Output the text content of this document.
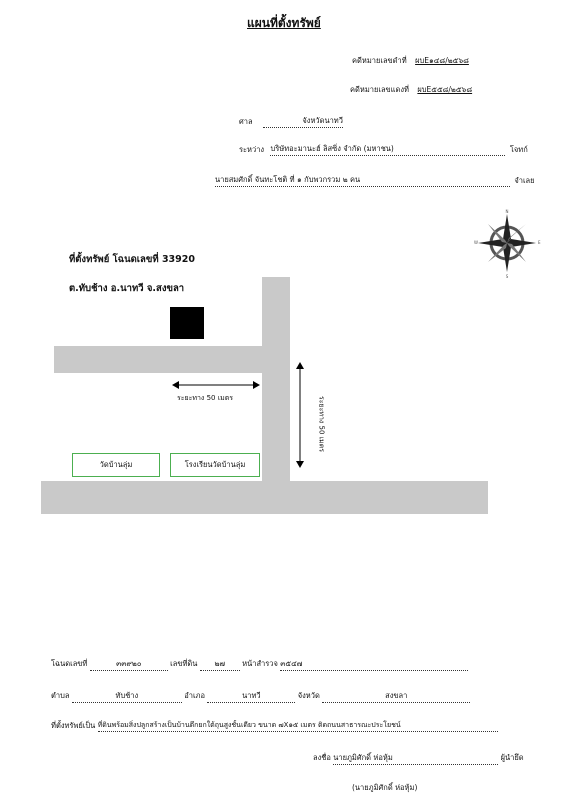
แผนที่ตั้งทรัพย์
คดีหมายเลขดำที่ ผบE๑๔๘/๒๕๖๘
คดีหมายเลขแดงที่ ผบE๕๕๘/๒๕๖๘
ศาล	จังหวัดนาทวี
ระหว่าง บริษัทอะมานะฮ์ ลิสซิ่ง จำกัด (มหาชน)	โจทก์
นายสมศักดิ์ จันทะโชติ ที่ ๑ กับพวกรวม ๒ คน	จำเลย
N
S
W	E
ที่ตั้งทรัพย์ โฉนดเลขที่ 33920
ต.ทับช้าง อ.นาทวี จ.สงขลา
ระยะทาง 50 เมตร	ระยะทาง 50 เมตร
วัดบ้านลุ่ม	โรงเรียนวัดบ้านลุ่ม
โฉนดเลขที่	๓๓๙๒๐	เลขที่ดิน ๒๗ หน้าสำรวจ ๓๕๔๗
ตำบล	ทับช้าง	อำเภอ	นาทวี	จังหวัด	สงขลา
ที่ตั้งทรัพย์เป็น ที่ดินพร้อมสิ่งปลูกสร้างเป็นบ้านตึกยกใต้ถุนสูงชั้นเดียว ขนาด ๗X๑๕ เมตร ติดถนนสาธารณะประโยชน์
ลงชื่อ นายภูมิศักดิ์ ห่อหุ้ม	ผู้นำยึด
(นายภูมิศักดิ์ ห่อหุ้ม)
